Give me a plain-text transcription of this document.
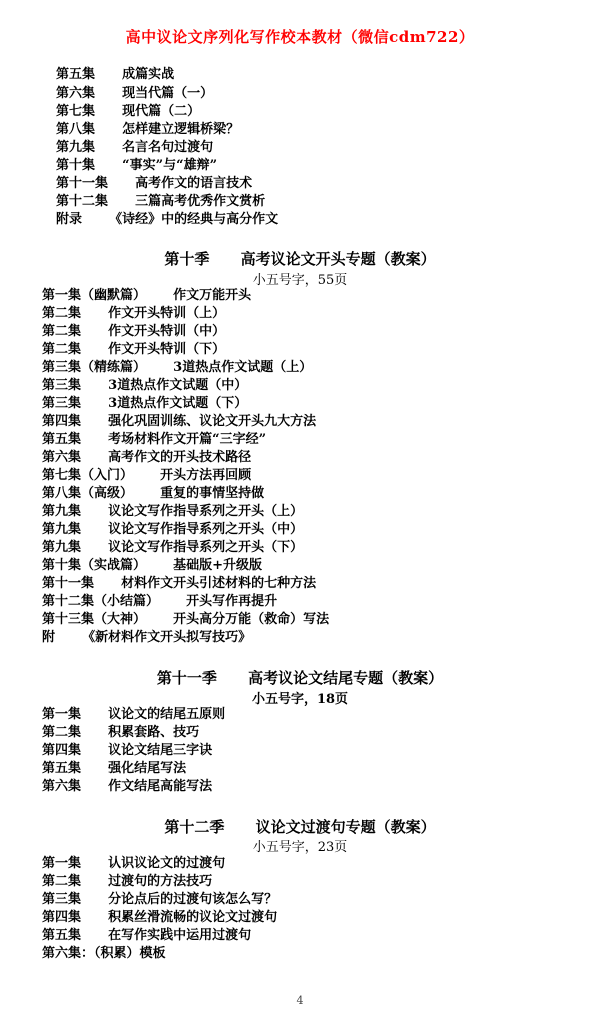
高中议论文序列化写作校本教材（微信cdm722）
第五集      成篇实战
第六集      现当代篇（一）
第七集      现代篇（二）
第八集      怎样建立逻辑桥梁？
第九集      名言名句过渡句
第十集      “事实”与“雄辩”
第十一集      高考作文的语言技术
第十二集      三篇高考优秀作文赏析
附录      《诗经》中的经典与高分作文
第十季      高考议论文开头专题（教案）
小五号字，55页
第一集（幽默篇）      作文万能开头
第二集      作文开头特训（上）
第二集      作文开头特训（中）
第二集      作文开头特训（下）
第三集（精练篇）      3道热点作文试题（上）
第三集      3道热点作文试题（中）
第三集      3道热点作文试题（下）
第四集      强化巩固训练、议论文开头九大方法
第五集      考场材料作文开篇“三字经”
第六集      高考作文的开头技术路径
第七集（入门）      开头方法再回顾
第八集（高级）      重复的事情坚持做
第九集      议论文写作指导系列之开头（上）
第九集      议论文写作指导系列之开头（中）
第九集      议论文写作指导系列之开头（下）
第十集（实战篇）      基础版+升级版
第十一集      材料作文开头引述材料的七种方法
第十二集（小结篇）      开头写作再提升
第十三集（大神）      开头高分万能（救命）写法
附      《新材料作文开头拟写技巧》
第十一季      高考议论文结尾专题（教案）
小五号字，18页
第一集      议论文的结尾五原则
第二集      积累套路、技巧
第四集      议论文结尾三字诀
第五集      强化结尾写法
第六集      作文结尾高能写法
第十二季      议论文过渡句专题（教案）
小五号字，23页
第一集      认识议论文的过渡句
第二集      过渡句的方法技巧
第三集      分论点后的过渡句该怎么写？
第四集      积累丝滑流畅的议论文过渡句
第五集      在写作实践中运用过渡句
第六集：（积累）模板
4
